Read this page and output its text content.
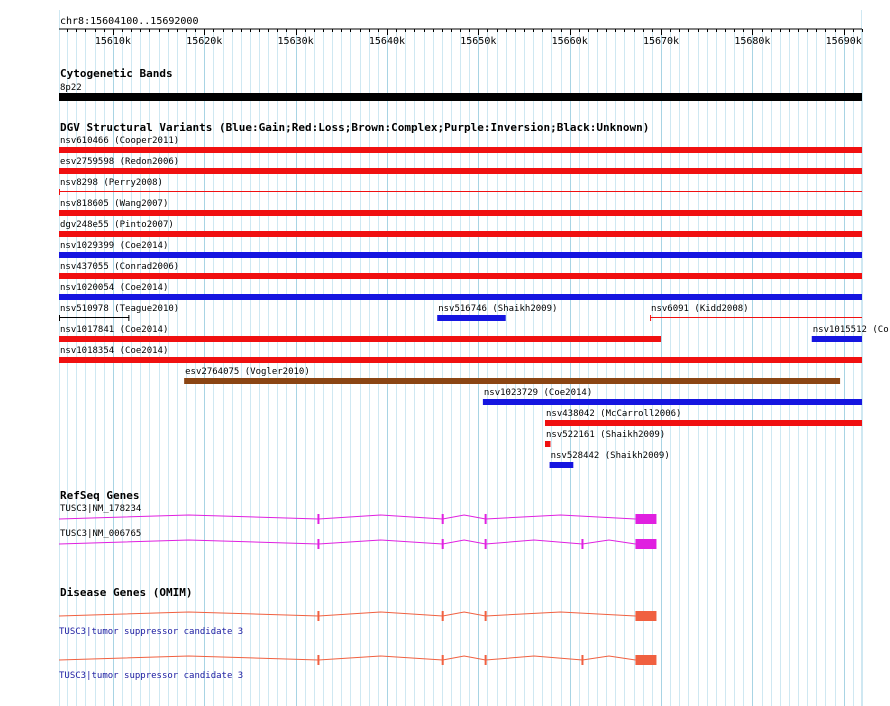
chr8:15604100..15692000
15610k	15620k	15630k	15640k	15650k	15660k	15670k	15680k	15690k
Cytogenetic Bands
8p22
DGV Structural Variants (Blue:Gain;Red:Loss;Brown:Complex;Purple:Inversion;Black:Unknown)
nsv610466 (Cooper2011)
esv2759598 (Redon2006)
nsv8298 (Perry2008)
nsv818605 (Wang2007)
dgv248e55 (Pinto2007)
nsv1029399 (Coe2014)
nsv437055 (Conrad2006)
nsv1020054 (Coe2014)
nsv510978 (Teague2010)	nsv516746 (Shaikh2009)	nsv6091 (Kidd2008)
nsv1017841 (Coe2014)	nsv1015512 (Co
nsv1018354 (Coe2014)
esv2764075 (Vogler2010)
nsv1023729 (Coe2014)
nsv438042 (McCarroll2006)
nsv522161 (Shaikh2009)
nsv528442 (Shaikh2009)
RefSeq Genes
TUSC3|NM_178234
TUSC3|NM_006765
Disease Genes (OMIM)
TUSC3|tumor suppressor candidate 3
TUSC3|tumor suppressor candidate 3
